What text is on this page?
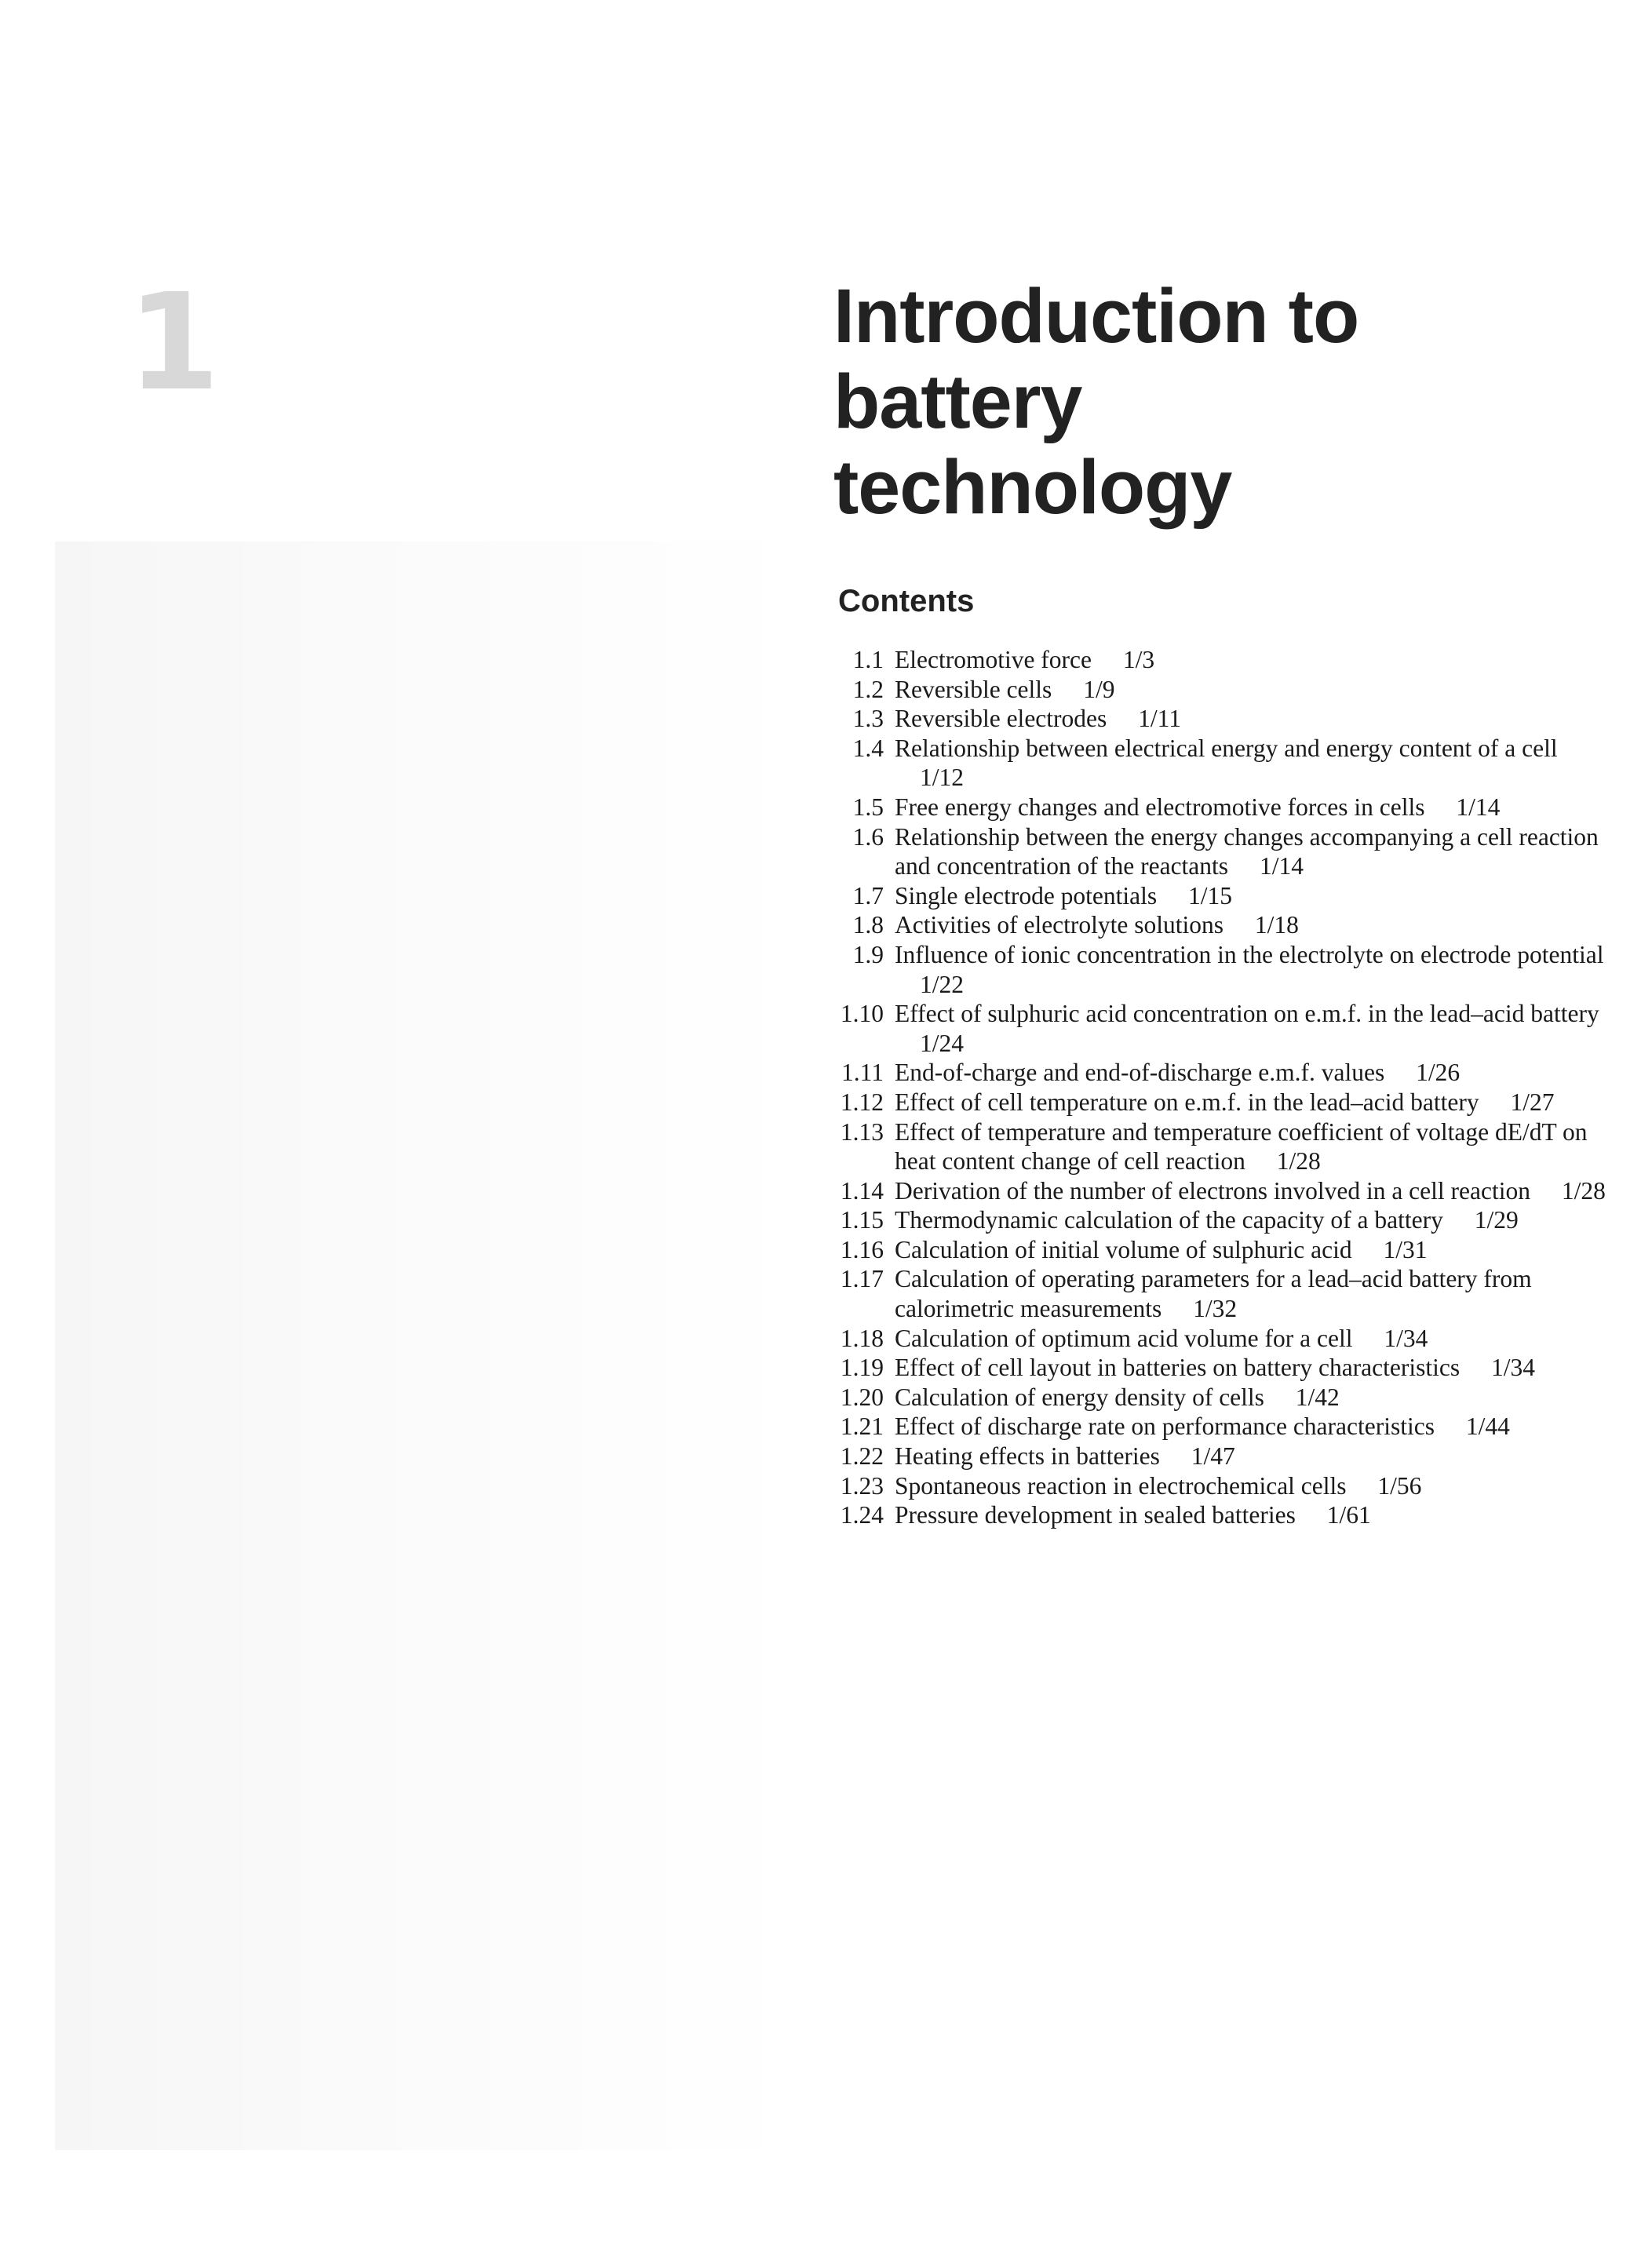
1	Introduction to
battery
technology
Contents
1.1 Electromotive force 1/3
1.2 Reversible cells 1/9
1.3 Reversible electrodes 1/11
1.4 Relationship between electrical energy and energy content of a cell 1/12
1.5 Free energy changes and electromotive forces in cells 1/14
1.6 Relationship between the energy changes accompanying a cell reaction and concentration of the reactants 1/14
1.7 Single electrode potentials 1/15
1.8 Activities of electrolyte solutions 1/18
1.9 Influence of ionic concentration in the electrolyte on electrode potential 1/22
1.10 Effect of sulphuric acid concentration on e.m.f. in the lead–acid battery 1/24
1.11 End-of-charge and end-of-discharge e.m.f. values 1/26
1.12 Effect of cell temperature on e.m.f. in the lead–acid battery 1/27
1.13 Effect of temperature and temperature coefficient of voltage dE/dT on heat content change of cell reaction 1/28
1.14 Derivation of the number of electrons involved in a cell reaction 1/28
1.15 Thermodynamic calculation of the capacity of a battery 1/29
1.16 Calculation of initial volume of sulphuric acid 1/31
1.17 Calculation of operating parameters for a lead–acid battery from calorimetric measurements 1/32
1.18 Calculation of optimum acid volume for a cell 1/34
1.19 Effect of cell layout in batteries on battery characteristics 1/34
1.20 Calculation of energy density of cells 1/42
1.21 Effect of discharge rate on performance characteristics 1/44
1.22 Heating effects in batteries 1/47
1.23 Spontaneous reaction in electrochemical cells 1/56
1.24 Pressure development in sealed batteries 1/61
